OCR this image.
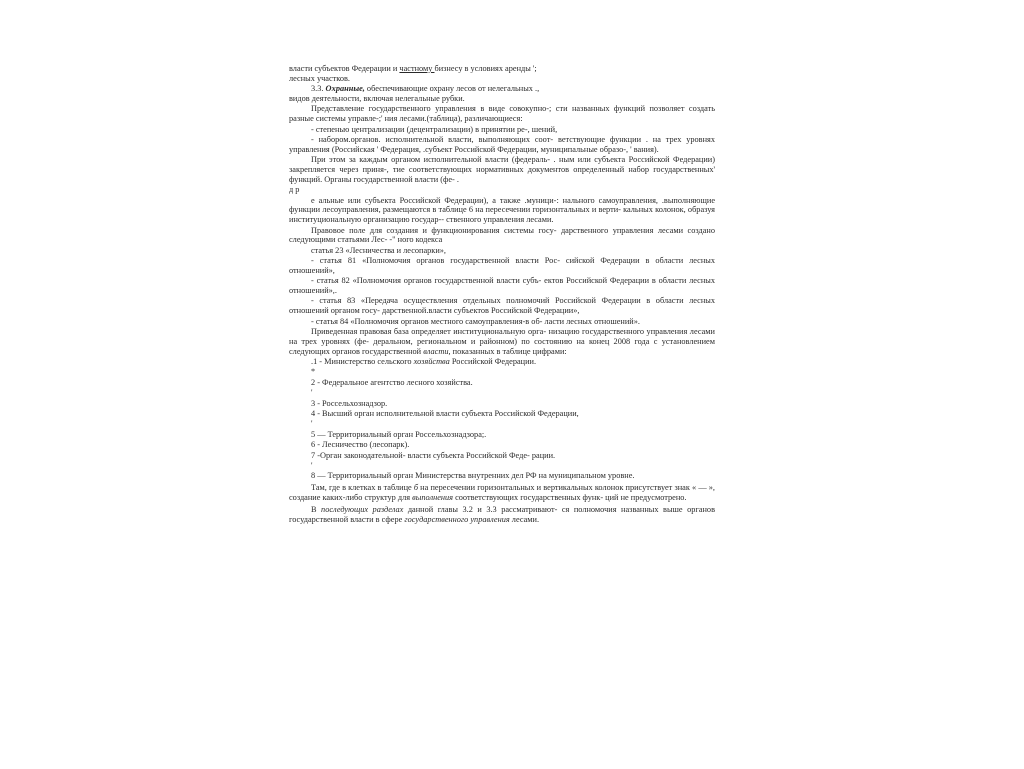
власти субъектов Федерации и частному бизнесу в условиях аренды ';
лесных участков.

3.3. Охранные, обеспечивающие охрану лесов от нелегальных .,
видов деятельности, включая нелегальные рубки.

Представление государственного управления в виде совокупно-; сти названных функций позволяет создать разные системы управле-;' ния лесами.(таблица), различающиеся:

- степенью централизации (децентрализации) в принятии ре-, шений,

- набором.органов. исполнительной власти, выполняющих соот- ветствующие функции . на трех уровнях управления (Российская ' Федерация, .субъект Российской Федерации, муниципальные образо-, ' вания).

При этом за каждым органом исполнительной власти (федераль- . ным или субъекта Российской Федерации) закрепляется через приня-, тие соответствующих нормативных документов определенный набор государственных' функций. Органы государственной власти (фе- .

д р

е альные или субъекта Российской Федерации), а также .муници-: нального самоуправления, .выполняющие функции лесоуправления, размещаются в таблице 6 на пересечении горизонтальных и верти- кальных колонок, образуя институциональную организацию государ-- ственного управления лесами.

Правовое поле для создания и функционирования системы госу- дарственного управления лесами создано следующими статьями Лес- -" ного кодекса

статья 23 «Лесничества и лесопарки»,

- статья 81 «Полномочия органов государственной власти Рос- сийской Федерации в области лесных отношений»,

- статья 82 «Полномочия органов государственной власти субъ- ектов Российской Федерации в области лесных отношений»,.

- статья 83 «Передача осуществления отдельных полномочий Российской Федерации в области лесных отношений органом госу- дарственной.власти субъектов Российской Федерации»,

- статья 84 «Полномочия органов местного самоуправления-в об- ласти лесных отношений».

Приведенная правовая база определяет институциональную орга- низацию государственного управления лесами на трех уровнях (фе- деральном, региональном и районном) по состоянию на конец 2008 года с установлением следующих органов государственной власти, показанных в таблице цифрами:

.1 - Министерство сельского хозяйства Российской Федерации.

*

2 - Федеральное агентство лесного хозяйства.

'

3 - Россельхознадзор.

4 - Высший орган исполнительной власти субъекта Российской Федерации,

'

5 — Территориальный орган Россельхознадзора;.

6 - Лесничество (лесопарк).

7 -Орган законодательной- власти субъекта Российской Феде- рации.

'

8 — Территориальный орган Министерства внутренних дел РФ на муниципальном уровне.

Там, где в клетках в таблице б на пересечении горизонтальных и вертикальных колонок присутствует знак « — », создание каких-либо структур для выполнения соответствующих государственных функ- ций не предусмотрено.

В последующих разделах данной главы 3.2 и 3.3 рассматривают- ся полномочия названных выше органов государственной власти в сфере государственного управления лесами.
